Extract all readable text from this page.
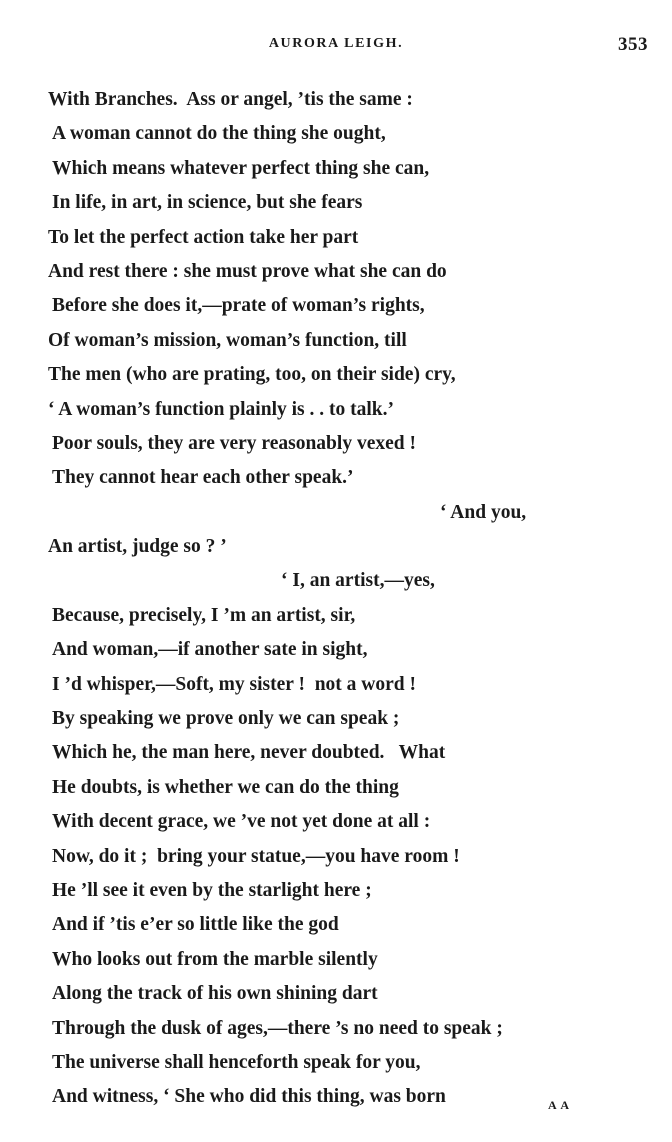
AURORA LEIGH.	353
With Branches.  Ass or angel, ’tis the same :
A woman cannot do the thing she ought,
Which means whatever perfect thing she can,
In life, in art, in science, but she fears
To let the perfect action take her part
And rest there : she must prove what she can do
Before she does it,—prate of woman’s rights,
Of woman’s mission, woman’s function, till
The men (who are prating, too, on their side) cry,
‘ A woman’s function plainly is . . to talk.’
Poor souls, they are very reasonably vexed !
They cannot hear each other speak.’
‘ And you,
An artist, judge so ? ’
‘ I, an artist,—yes,
Because, precisely, I ’m an artist, sir,
And woman,—if another sate in sight,
I ’d whisper,—Soft, my sister !  not a word !
By speaking we prove only we can speak ;
Which he, the man here, never doubted.   What
He doubts, is whether we can do the thing
With decent grace, we ’ve not yet done at all :
Now, do it ;  bring your statue,—you have room !
He ’ll see it even by the starlight here ;
And if ’tis e’er so little like the god
Who looks out from the marble silently
Along the track of his own shining dart
Through the dusk of ages,—there ’s no need to speak ;
The universe shall henceforth speak for you,
And witness, ‘ She who did this thing, was born	A A
